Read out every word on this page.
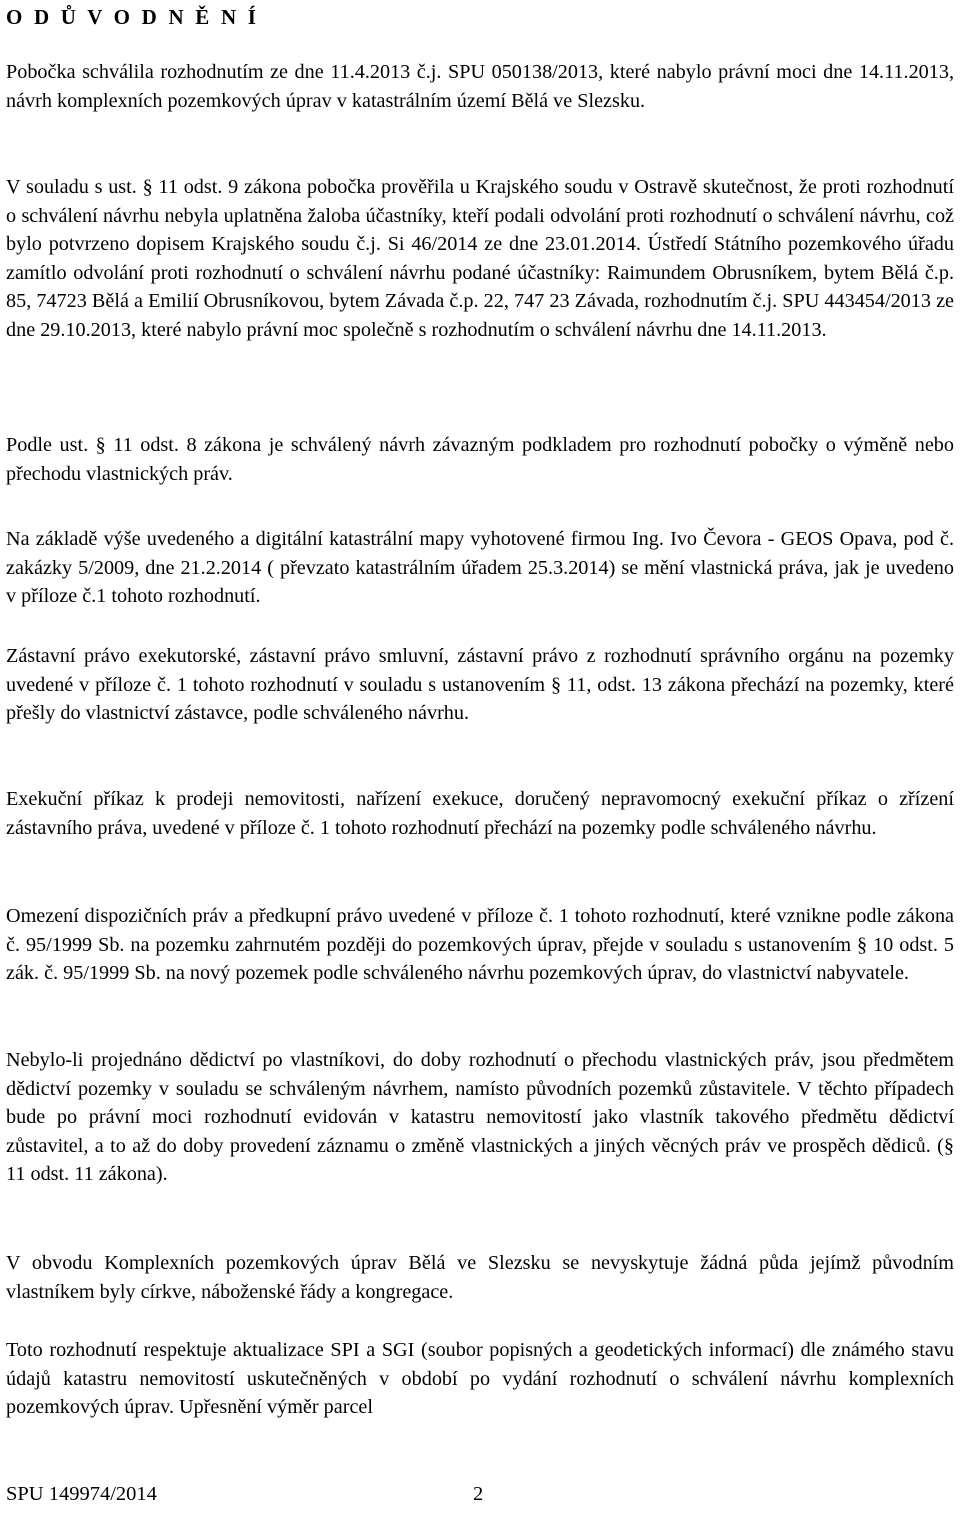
O D Ů V O D N Ě N Í

Pobočka schválila rozhodnutím ze dne 11.4.2013 č.j. SPU 050138/2013, které nabylo právní moci dne 14.11.2013, návrh komplexních pozemkových úprav v katastrálním území Bělá ve Slezsku.

V souladu s ust. § 11 odst. 9 zákona pobočka prověřila u Krajského soudu v Ostravě skutečnost, že proti rozhodnutí o schválení návrhu nebyla uplatněna žaloba účastníky, kteří podali odvolání proti rozhodnutí o schválení návrhu, což bylo potvrzeno dopisem Krajského soudu č.j. Si 46/2014 ze dne 23.01.2014. Ústředí Státního pozemkového úřadu zamítlo odvolání proti rozhodnutí o schválení návrhu podané účastníky: Raimundem Obrusníkem, bytem Bělá č.p. 85, 74723 Bělá a Emilií Obrusníkovou, bytem Závada č.p. 22, 747 23 Závada, rozhodnutím č.j. SPU 443454/2013 ze dne 29.10.2013, které nabylo právní moc společně s rozhodnutím o schválení návrhu dne 14.11.2013.

Podle ust. § 11 odst. 8 zákona je schválený návrh závazným podkladem pro rozhodnutí pobočky o výměně nebo přechodu vlastnických práv.

Na základě výše uvedeného a digitální katastrální mapy vyhotovené firmou Ing. Ivo Čevora - GEOS Opava, pod č. zakázky 5/2009, dne 21.2.2014 ( převzato katastrálním úřadem 25.3.2014) se mění vlastnická práva, jak je uvedeno v příloze č.1 tohoto rozhodnutí.

Zástavní právo exekutorské, zástavní právo smluvní, zástavní právo z rozhodnutí správního orgánu na pozemky uvedené v příloze č. 1 tohoto rozhodnutí v souladu s ustanovením § 11, odst. 13 zákona přechází na pozemky, které přešly do vlastnictví zástavce, podle schváleného návrhu.

Exekuční příkaz k prodeji nemovitosti, nařízení exekuce, doručený nepravomocný exekuční příkaz o zřízení zástavního práva, uvedené v příloze č. 1 tohoto rozhodnutí přechází na pozemky podle schváleného návrhu.

Omezení dispozičních práv a předkupní právo uvedené v příloze č. 1 tohoto rozhodnutí, které vznikne podle zákona č. 95/1999 Sb. na pozemku zahrnutém později do pozemkových úprav, přejde v souladu s ustanovením § 10 odst. 5 zák. č. 95/1999 Sb. na nový pozemek podle schváleného návrhu pozemkových úprav, do vlastnictví nabyvatele.

Nebylo-li projednáno dědictví po vlastníkovi, do doby rozhodnutí o přechodu vlastnických práv, jsou předmětem dědictví pozemky v souladu se schváleným návrhem, namísto původních pozemků zůstavitele. V těchto případech bude po právní moci rozhodnutí evidován v katastru nemovitostí jako vlastník takového předmětu dědictví zůstavitel, a to až do doby provedení záznamu o změně vlastnických a jiných věcných práv ve prospěch dědiců. (§ 11 odst. 11 zákona).

V obvodu Komplexních pozemkových úprav Bělá ve Slezsku se nevyskytuje žádná půda jejímž původním vlastníkem byly církve, náboženské řády a kongregace.

Toto rozhodnutí respektuje aktualizace SPI a SGI (soubor popisných a geodetických informací) dle známého stavu údajů katastru nemovitostí uskutečněných v období po vydání rozhodnutí o schválení návrhu komplexních pozemkových úprav. Upřesnění výměr parcel

SPU 149974/2014	2
